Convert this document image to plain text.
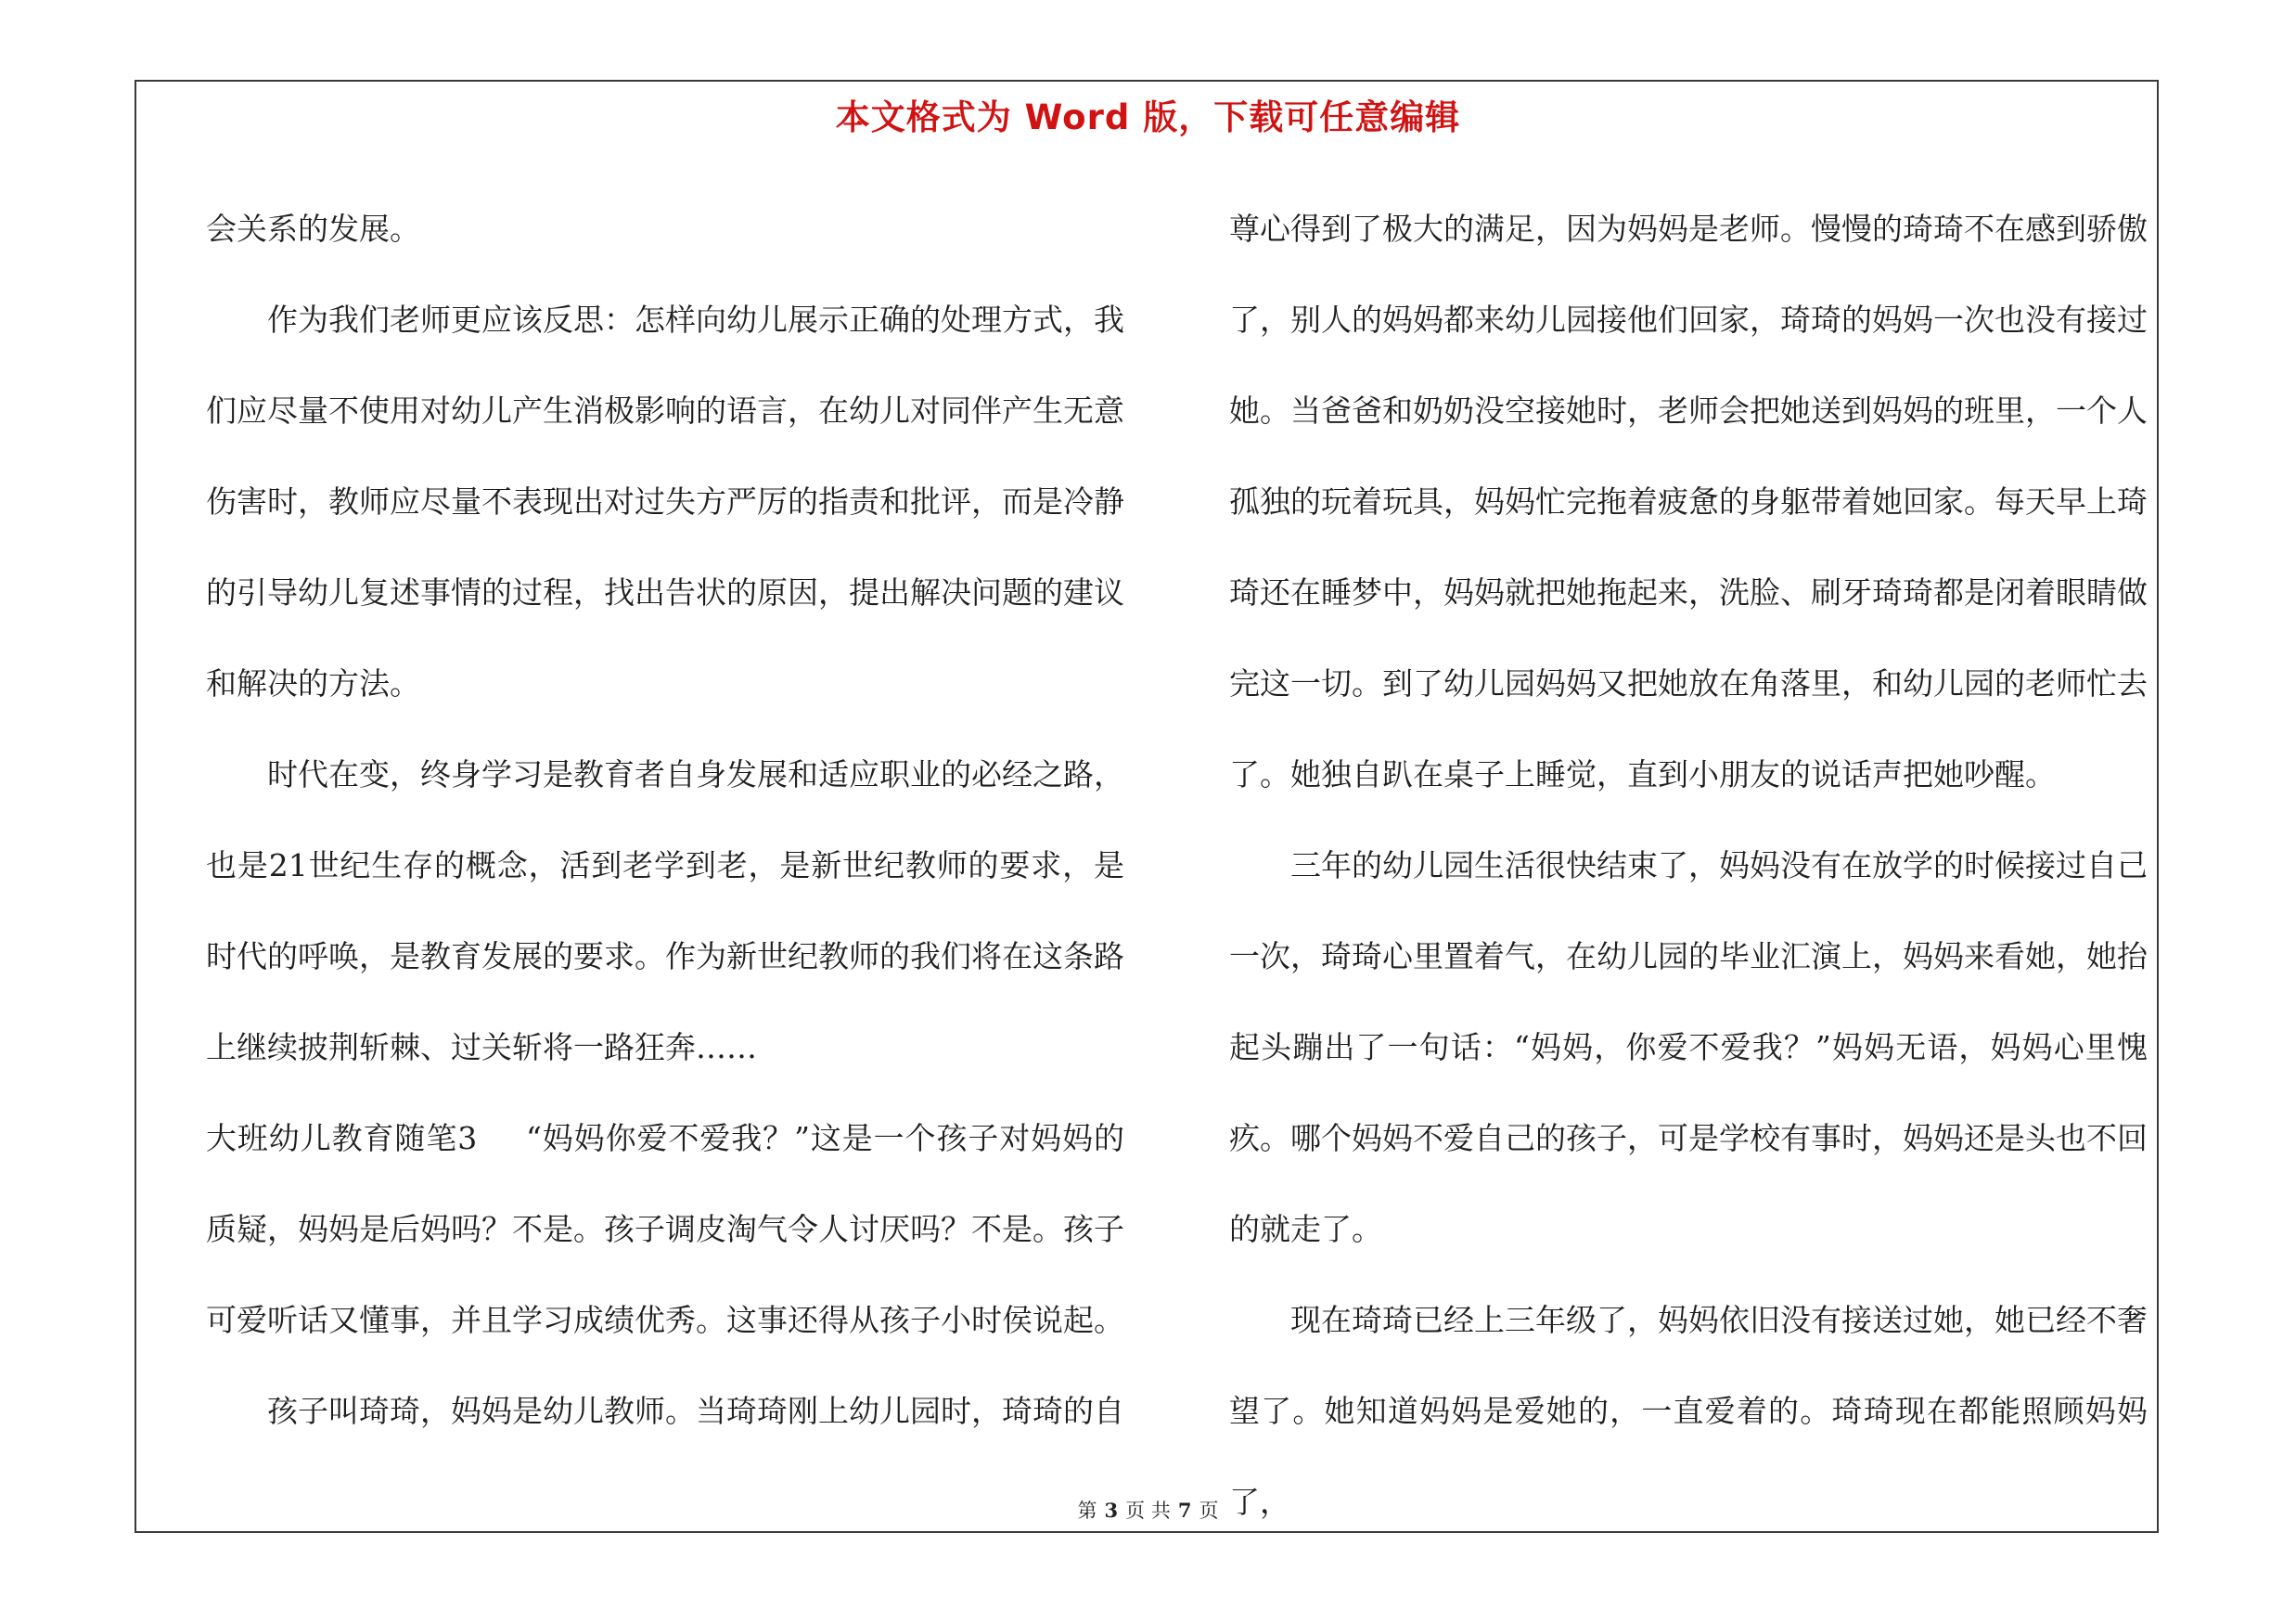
本文格式为 Word 版，下载可任意编辑

会关系的发展。

作为我们老师更应该反思：怎样向幼儿展示正确的处理方式，我们应尽量不使用对幼儿产生消极影响的语言，在幼儿对同伴产生无意伤害时，教师应尽量不表现出对过失方严厉的指责和批评，而是冷静的引导幼儿复述事情的过程，找出告状的原因，提出解决问题的建议和解决的方法。

时代在变，终身学习是教育者自身发展和适应职业的必经之路，也是21世纪生存的概念，活到老学到老，是新世纪教师的要求，是时代的呼唤，是教育发展的要求。作为新世纪教师的我们将在这条路上继续披荆斩棘、过关斩将一路狂奔……

大班幼儿教育随笔3 “妈妈你爱不爱我？”这是一个孩子对妈妈的质疑，妈妈是后妈吗？不是。孩子调皮淘气令人讨厌吗？不是。孩子可爱听话又懂事，并且学习成绩优秀。这事还得从孩子小时侯说起。

孩子叫琦琦，妈妈是幼儿教师。当琦琦刚上幼儿园时，琦琦的自

尊心得到了极大的满足，因为妈妈是老师。慢慢的琦琦不在感到骄傲了，别人的妈妈都来幼儿园接他们回家，琦琦的妈妈一次也没有接过她。当爸爸和奶奶没空接她时，老师会把她送到妈妈的班里，一个人孤独的玩着玩具，妈妈忙完拖着疲惫的身躯带着她回家。每天早上琦琦还在睡梦中，妈妈就把她拖起来，洗脸、刷牙琦琦都是闭着眼睛做完这一切。到了幼儿园妈妈又把她放在角落里，和幼儿园的老师忙去了。她独自趴在桌子上睡觉，直到小朋友的说话声把她吵醒。

三年的幼儿园生活很快结束了，妈妈没有在放学的时候接过自己一次，琦琦心里置着气，在幼儿园的毕业汇演上，妈妈来看她，她抬起头蹦出了一句话：“妈妈，你爱不爱我？”妈妈无语，妈妈心里愧疚。哪个妈妈不爱自己的孩子，可是学校有事时，妈妈还是头也不回的就走了。

现在琦琦已经上三年级了，妈妈依旧没有接送过她，她已经不奢望了。她知道妈妈是爱她的，一直爱着的。琦琦现在都能照顾妈妈了，

第 3 页 共 7 页
